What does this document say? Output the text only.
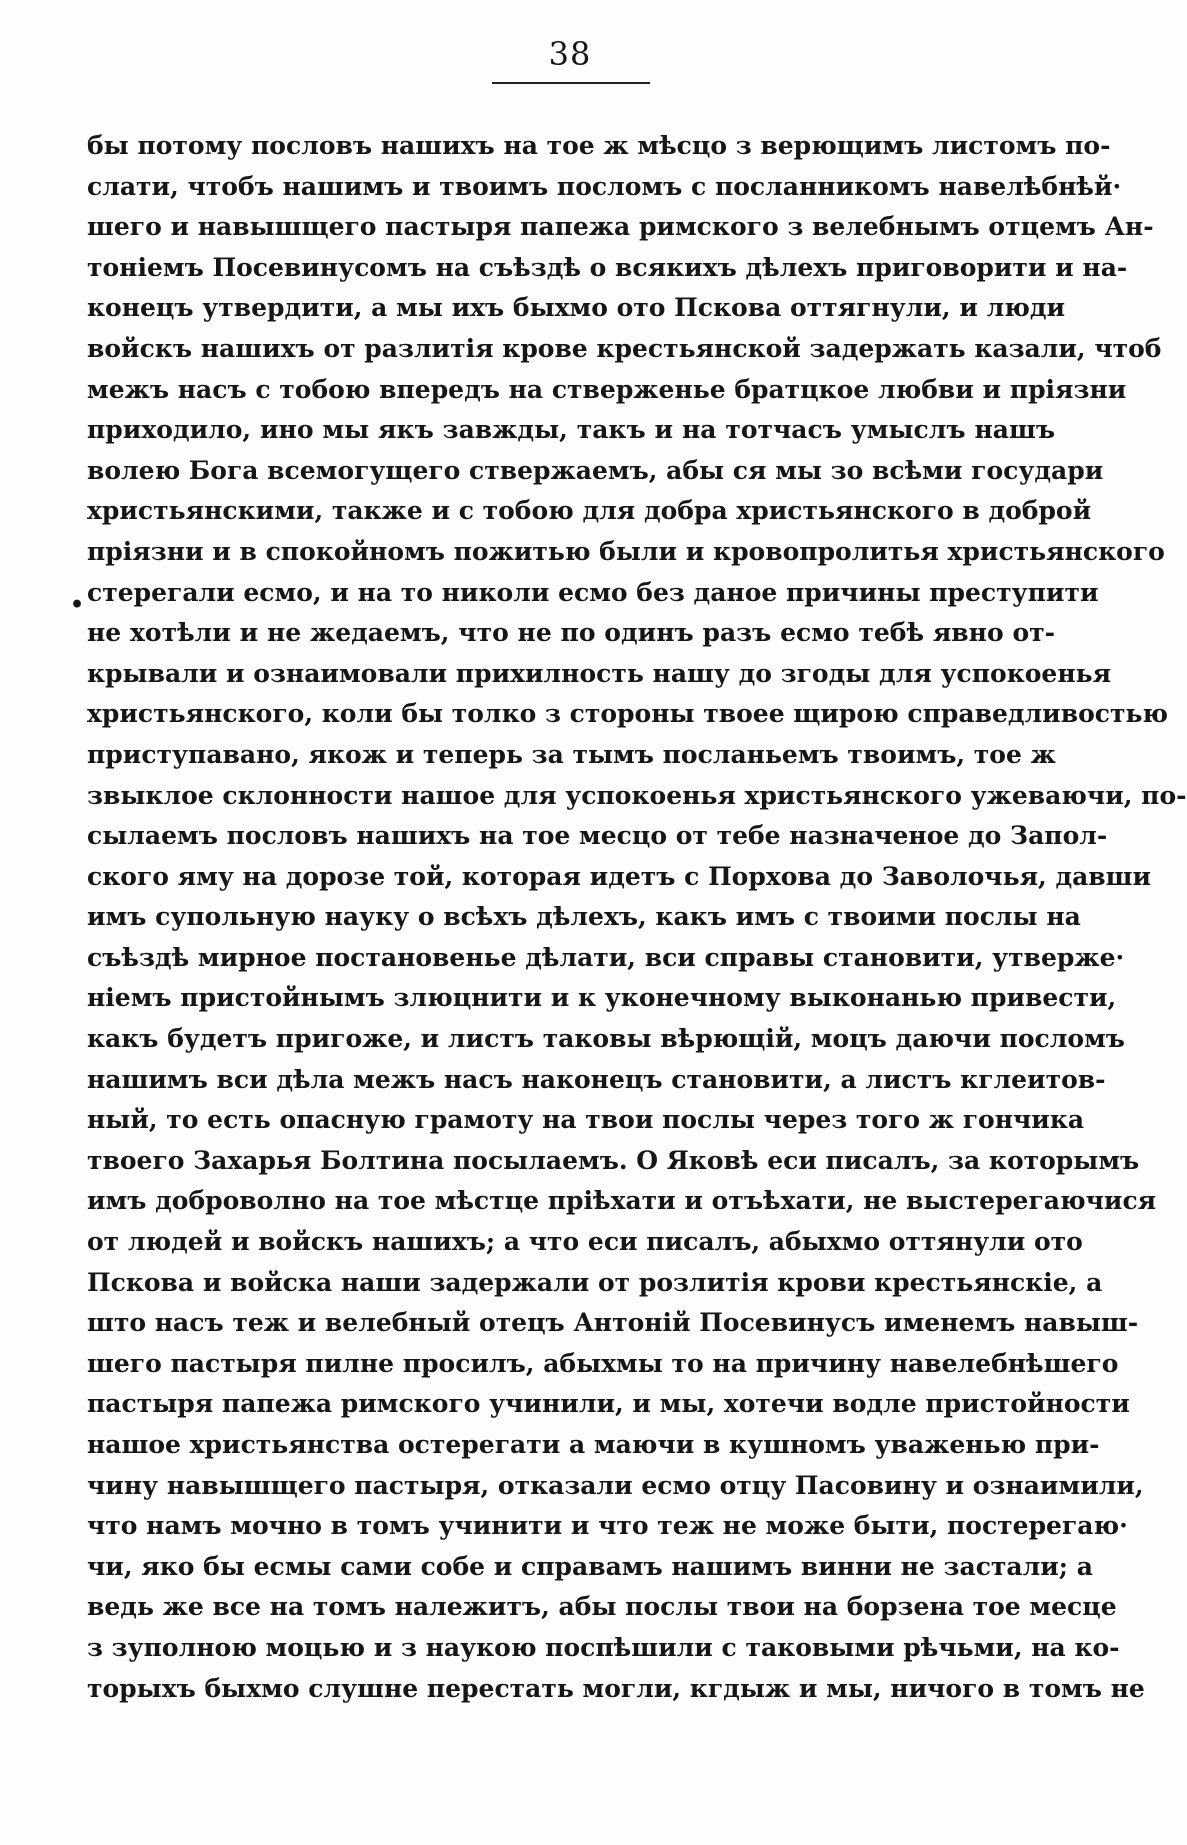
38
•
бы потому пословъ нашихъ на тое ж мѣсцо з верющимъ листомъ по-
слати, чтобъ нашимъ и твоимъ посломъ с посланникомъ навелѣбнѣй·
шего и навышщего пастыря папежа римского з велебнымъ отцемъ Ан-
тонiемъ Посевинусомъ на съѣздѣ о всякихъ дѣлехъ приговорити и на-
конецъ утвердити, а мы ихъ быхмо ото Пскова оттягнули, и люди
войскъ нашихъ от разлитiя крове крестьянской задержать казали, чтоб
межъ насъ с тобою впередъ на стверженье братцкое любви и прiязни
приходило, ино мы якъ завжды, такъ и на тотчасъ умыслъ нашъ
волею Бога всемогущего ствержаемъ, абы ся мы зо всѣми государи
христьянскими, также и с тобою для добра христьянского в доброй
прiязни и в спокойномъ пожитью были и кровопролитья христьянского
стерегали есмо, и на то николи есмо без даное причины преступити
не хотѣли и не жедаемъ, что не по одинъ разъ есмо тебѣ явно от-
крывали и ознаимовали прихилность нашу до згоды для успокоенья
христьянского, коли бы толко з стороны твоее щирою справедливостью
приступавано, якож и теперь за тымъ посланьемъ твоимъ, тое ж
звыклое склонности нашое для успокоенья христьянского ужеваючи, по-
сылаемъ пословъ нашихъ на тое месцо от тебе назначеное до Запол-
ского яму на дорозе той, которая идетъ с Порхова до Заволочья, давши
имъ супольную науку о всѣхъ дѣлехъ, какъ имъ с твоими послы на
съѣздѣ мирное постановенье дѣлати, вси справы становити, утверже·
нiемъ пристойнымъ злюцнити и к уконечному выконанью привести,
какъ будетъ пригоже, и листъ таковы вѣрющiй, моцъ даючи посломъ
нашимъ вси дѣла межъ насъ наконецъ становити, а листъ кглеитов-
ный, то есть опасную грамоту на твои послы через того ж гончика
твоего Захарья Болтина посылаемъ. О Яковѣ еси писалъ, за которымъ
имъ доброволно на тое мѣстце прiѣхати и отъѣхати, не выстерегаючися
от людей и войскъ нашихъ; а что еси писалъ, абыхмо оттянули ото
Пскова и войска наши задержали от розлитiя крови крестьянскiе, а
што насъ теж и велебный отецъ Антонiй Посевинусъ именемъ навыш-
шего пастыря пилне просилъ, абыхмы то на причину навелебнѣшего
пастыря папежа римского учинили, и мы, хотечи водле пристойности
нашое христьянства остерегати а маючи в кушномъ уваженью при-
чину навышщего пастыря, отказали есмо отцу Пасовину и ознаимили,
что намъ мочно в томъ учинити и что теж не може быти, постерегаю·
чи, яко бы есмы сами собе и справамъ нашимъ винни не застали; а
ведь же все на томъ належитъ, абы послы твои на борзена тое месце
з зуполною моцью и з наукою поспѣшили с таковыми рѣчьми, на ко-
торыхъ быхмо слушне перестать могли, кгдыж и мы, ничого в томъ не
